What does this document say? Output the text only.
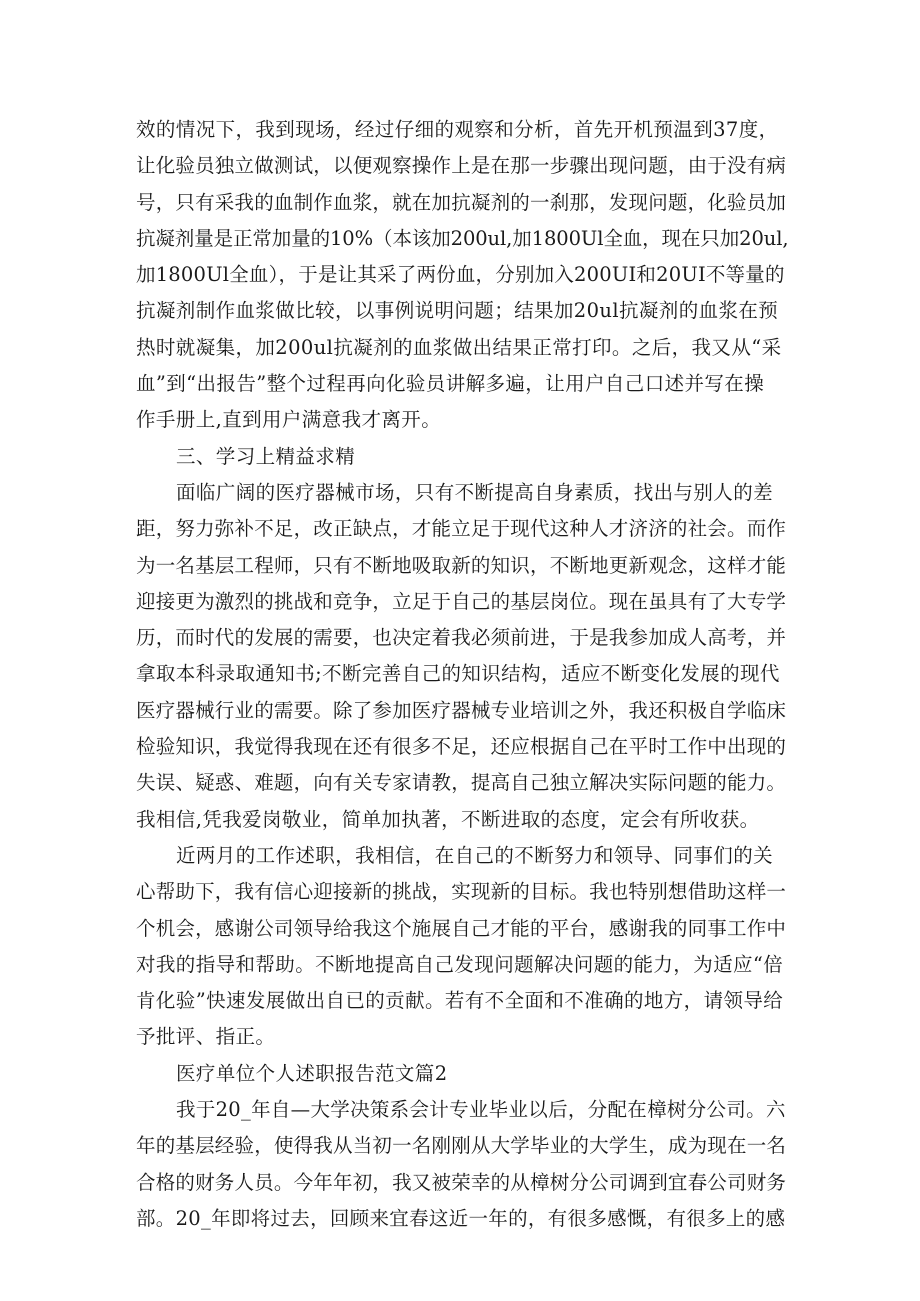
效的情况下，我到现场，经过仔细的观察和分析，首先开机预温到37度，
让化验员独立做测试，以便观察操作上是在那一步骤出现问题，由于没有病
号，只有采我的血制作血浆，就在加抗凝剂的一刹那，发现问题，化验员加
抗凝剂量是正常加量的10%（本该加200ul,加1800Ul全血，现在只加20ul,
加1800Ul全血），于是让其采了两份血，分别加入200UI和20UI不等量的
抗凝剂制作血浆做比较，以事例说明问题；结果加20ul抗凝剂的血浆在预
热时就凝集，加200ul抗凝剂的血浆做出结果正常打印。之后，我又从“采
血”到“出报告”整个过程再向化验员讲解多遍，让用户自己口述并写在操
作手册上,直到用户满意我才离开。
三、学习上精益求精
面临广阔的医疗器械市场，只有不断提高自身素质，找出与别人的差
距，努力弥补不足，改正缺点，才能立足于现代这种人才济济的社会。而作
为一名基层工程师，只有不断地吸取新的知识，不断地更新观念，这样才能
迎接更为激烈的挑战和竞争，立足于自己的基层岗位。现在虽具有了大专学
历，而时代的发展的需要，也决定着我必须前进，于是我参加成人高考，并
拿取本科录取通知书;不断完善自己的知识结构，适应不断变化发展的现代
医疗器械行业的需要。除了参加医疗器械专业培训之外，我还积极自学临床
检验知识，我觉得我现在还有很多不足，还应根据自己在平时工作中出现的
失误、疑惑、难题，向有关专家请教，提高自己独立解决实际问题的能力。
我相信,凭我爱岗敬业，简单加执著，不断进取的态度，定会有所收获。
近两月的工作述职，我相信，在自己的不断努力和领导、同事们的关
心帮助下，我有信心迎接新的挑战，实现新的目标。我也特别想借助这样一
个机会，感谢公司领导给我这个施展自己才能的平台，感谢我的同事工作中
对我的指导和帮助。不断地提高自己发现问题解决问题的能力，为适应“倍
肯化验”快速发展做出自已的贡献。若有不全面和不准确的地方，请领导给
予批评、指正。
医疗单位个人述职报告范文篇2
我于20_年自—大学决策系会计专业毕业以后，分配在樟树分公司。六
年的基层经验，使得我从当初一名刚刚从大学毕业的大学生，成为现在一名
合格的财务人员。今年年初，我又被荣幸的从樟树分公司调到宜春公司财务
部。20_年即将过去，回顾来宜春这近一年的，有很多感慨，有很多上的感
